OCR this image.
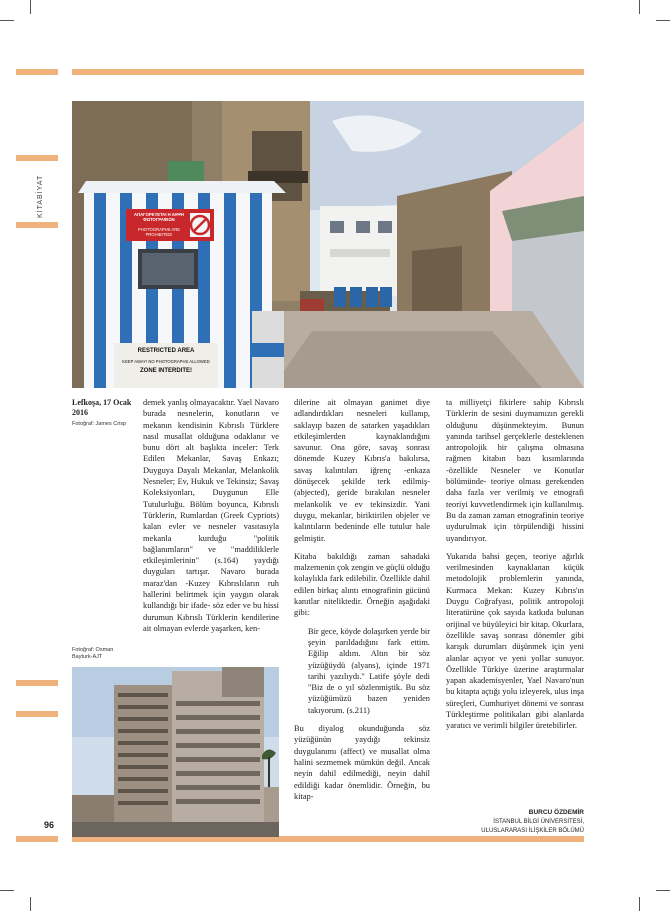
KİTABİYAT	ΑΠΑΓΟΡΕΥΕΤΑΙ Η ΛΗΨΗ ΦΩΤΟΓΡΑΦΙΩΝ
PHOTOGRAPHS ARE PROHIBITED!
RESTRICTED AREA
KEEP AWAY! NO PHOTOGRAPHS ALLOWED
ZONE INTERDITE!
Lefkoşa, 17 Ocak 2016
Fotoğraf: James Crisp
Fotoğraf: Osman Bayturk-AJT

demek yanlış olmayacaktır. Yael Navaro burada nesnelerin, konutların ve mekanın kendisinin Kıbrıslı Türklere nasıl musallat olduğuna odaklanır ve bunu dört alt başlıkta inceler: Terk Edilen Mekanlar, Savaş Enkazı; Duyguya Dayalı Mekanlar, Melankolik Nesneler; Ev, Hukuk ve Tekinsiz; Savaş Koleksiyonları, Duygunun Elle Tutulurluğu. Bölüm boyunca, Kıbrıslı Türklerin, Rumlardan (Greek Cypriots) kalan evler ve nesneler vasıtasıyla mekanla kurduğu "politik bağlanımların" ve "maddiliklerle etkileşimlerinin" (s.164) yaydığı duyguları tartışır. Navaro burada maraz'dan -Kuzey Kıbrıslıların ruh hallerini belirtmek için yaygın olarak kullandığı bir ifade- söz eder ve bu hissi durumun Kıbrıslı Türklerin kendilerine ait olmayan evlerde yaşarken, ken-

dilerine ait olmayan ganimet diye adlandırdıkları nesneleri kullanıp, saklayıp bazen de satarken yaşadıkları etkileşimlerden kaynaklandığını savunur. Ona göre, savaş sonrası dönemde Kuzey Kıbrıs'a bakılırsa, savaş kalıntıları iğrenç -enkaza dönüşecek şekilde terk edilmiş- (abjected), geride bırakılan nesneler melankolik ve ev tekinsizdir. Yani duygu, mekanlar, biriktirilen objeler ve kalıntıların bedeninde elle tutulur hale gelmiştir.

Kitaba bakıldığı zaman sahadaki malzemenin çok zengin ve güçlü olduğu kolaylıkla fark edilebilir. Özellikle dahil edilen birkaç alıntı etnografinin gücünü kanıtlar niteliktedir. Örneğin aşağıdaki gibi:

Bir gece, köyde dolaşırken yerde bir şeyin parıldadığını fark ettim. Eğilip aldım. Altın bir söz yüzüğüydü (alyans), içinde 1971 tarihi yazılıydı." Latife şöyle dedi "Biz de o yıl sözlenmiştik. Bu söz yüzüğümüzü bazen yeniden takıyorum. (s.211)

Bu diyalog okunduğunda söz yüzüğünün yaydığı tekinsiz duygulanımı (affect) ve musallat olma halini sezmemek mümkün değil. Ancak neyin dahil edilmediği, neyin dahil edildiği kadar önemlidir. Örneğin, bu kitap-

ta milliyetçi fikirlere sahip Kıbrıslı Türklerin de sesini duymamızın gerekli olduğunu düşünmekteyim. Bunun yanında tarihsel gerçeklerle desteklenen antropolojik bir çalışma olmasına rağmen kitabın bazı kısımlarında -özellikle Nesneler ve Konutlar bölümünde- teoriye olması gerekenden daha fazla ver verilmiş ve etnografi teoriyi kuvvetlendirmek için kullanılmış. Bu da zaman zaman etnografinin teoriye uydurulmak için törpülendiği hissini uyandırıyor.

Yukarıda bahsi geçen, teoriye ağırlık verilmesinden kaynaklanan küçük metodolojik problemlerin yanında, Kurmaca Mekan: Kuzey Kıbrıs'ın Duygu Coğrafyası, politik antropoloji literatürüne çok sayıda katkıda bulunan orijinal ve büyüleyici bir kitap. Okurlara, özellikle savaş sonrası dönemler gibi karışık durumları düşünmek için yeni alanlar açıyor ve yeni yollar sunuyor. Özellikle Türkiye üzerine araştırmalar yapan akademisyenler, Yael Navaro'nun bu kitapta açtığı yolu izleyerek, ulus inşa süreçleri, Cumhuriyet dönemi ve sonrası Türkleştirme politikaları gibi alanlarda yaratıcı ve verimli bilgiler üretebilirler.

BURCU ÖZDEMİR
İSTANBUL BİLGİ ÜNİVERSİTESİ,
ULUSLARARASI İLİŞKİLER BÖLÜMÜ
96
